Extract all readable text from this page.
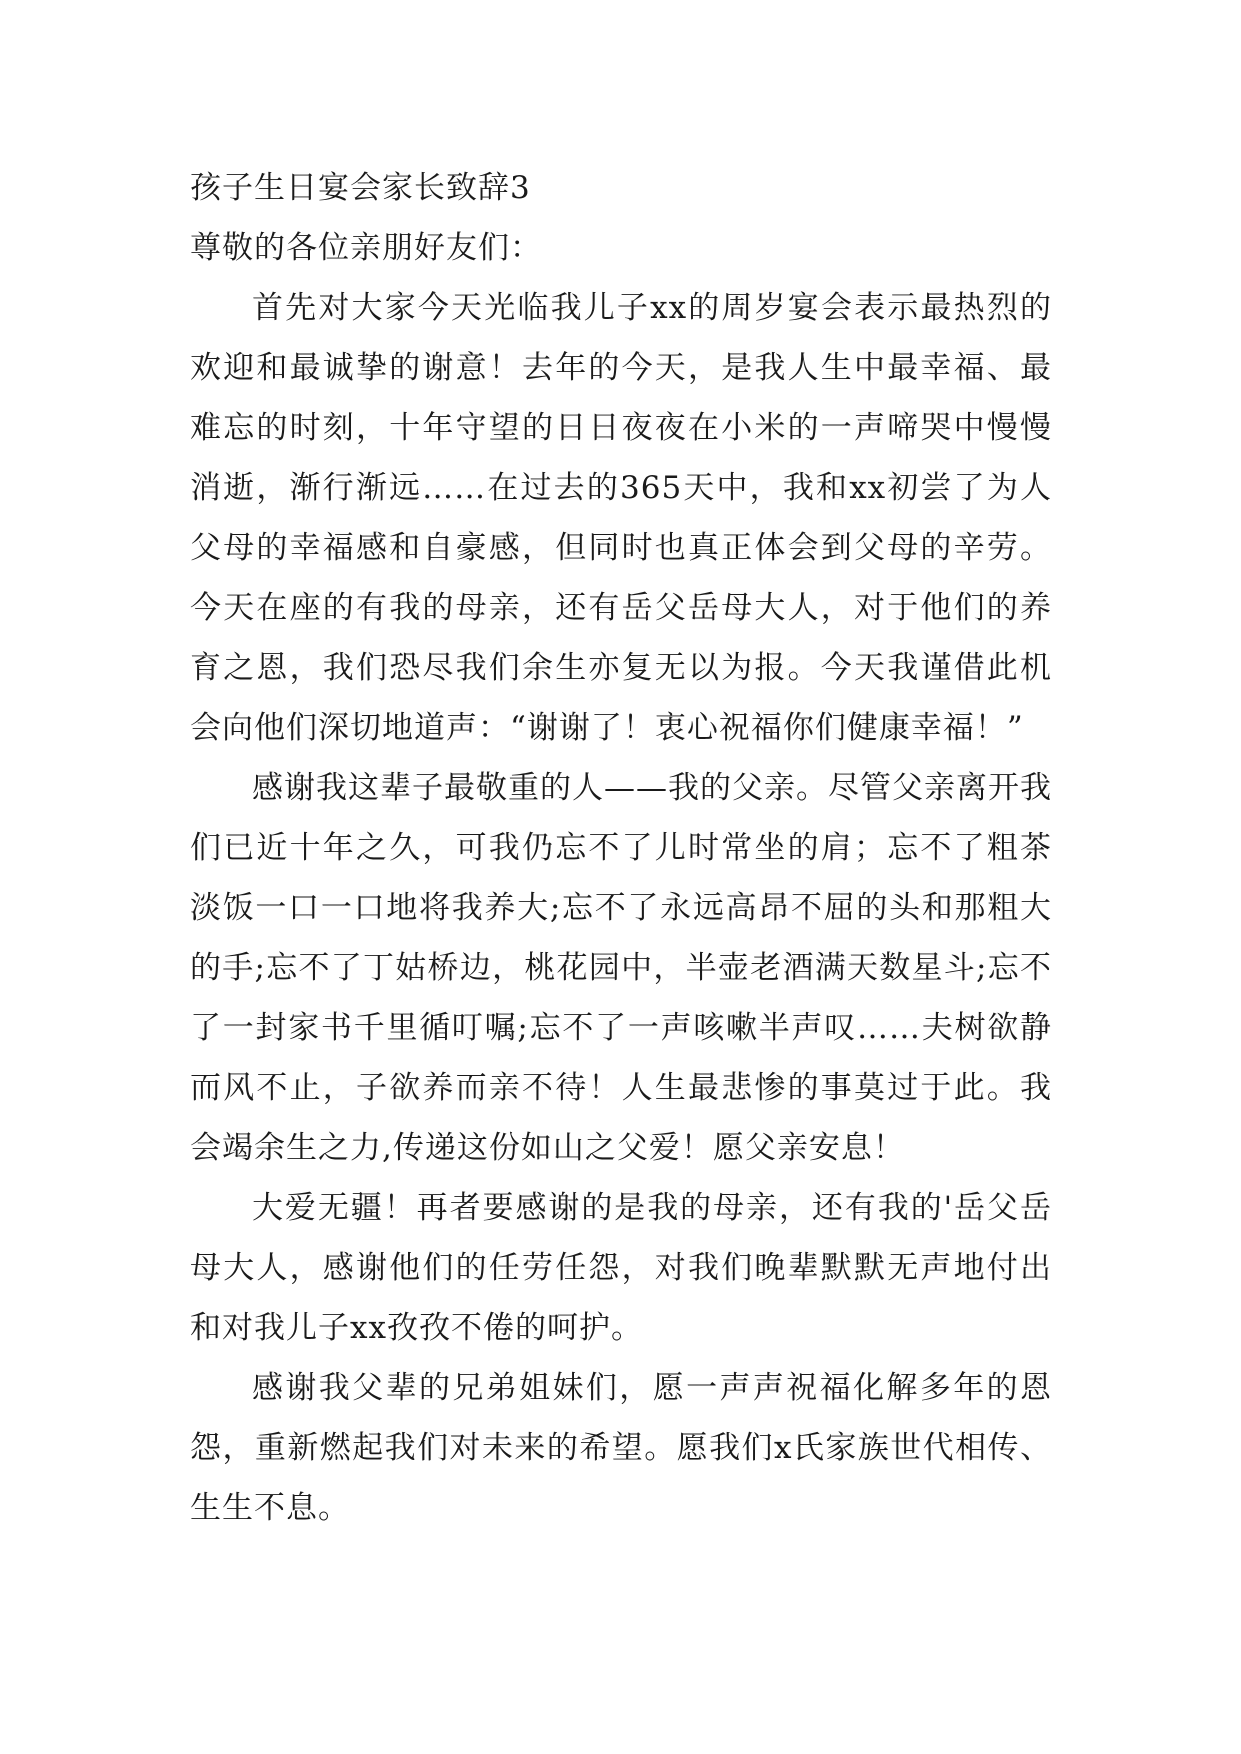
孩子生日宴会家长致辞3

尊敬的各位亲朋好友们：

首先对大家今天光临我儿子xx的周岁宴会表示最热烈的欢迎和最诚挚的谢意！去年的今天，是我人生中最幸福、最难忘的时刻，十年守望的日日夜夜在小米的一声啼哭中慢慢消逝，渐行渐远……在过去的365天中，我和xx初尝了为人父母的幸福感和自豪感，但同时也真正体会到父母的辛劳。今天在座的有我的母亲，还有岳父岳母大人，对于他们的养育之恩，我们恐尽我们余生亦复无以为报。今天我谨借此机会向他们深切地道声：“谢谢了！衷心祝福你们健康幸福！”

感谢我这辈子最敬重的人——我的父亲。尽管父亲离开我们已近十年之久，可我仍忘不了儿时常坐的肩；忘不了粗茶淡饭一口一口地将我养大;忘不了永远高昂不屈的头和那粗大的手;忘不了丁姑桥边，桃花园中，半壶老酒满天数星斗;忘不了一封家书千里循叮嘱;忘不了一声咳嗽半声叹……夫树欲静而风不止，子欲养而亲不待！人生最悲惨的事莫过于此。我会竭余生之力,传递这份如山之父爱！愿父亲安息！

大爱无疆！再者要感谢的是我的母亲，还有我的'岳父岳母大人，感谢他们的任劳任怨，对我们晚辈默默无声地付出和对我儿子xx孜孜不倦的呵护。

感谢我父辈的兄弟姐妹们，愿一声声祝福化解多年的恩怨，重新燃起我们对未来的希望。愿我们x氏家族世代相传、生生不息。
